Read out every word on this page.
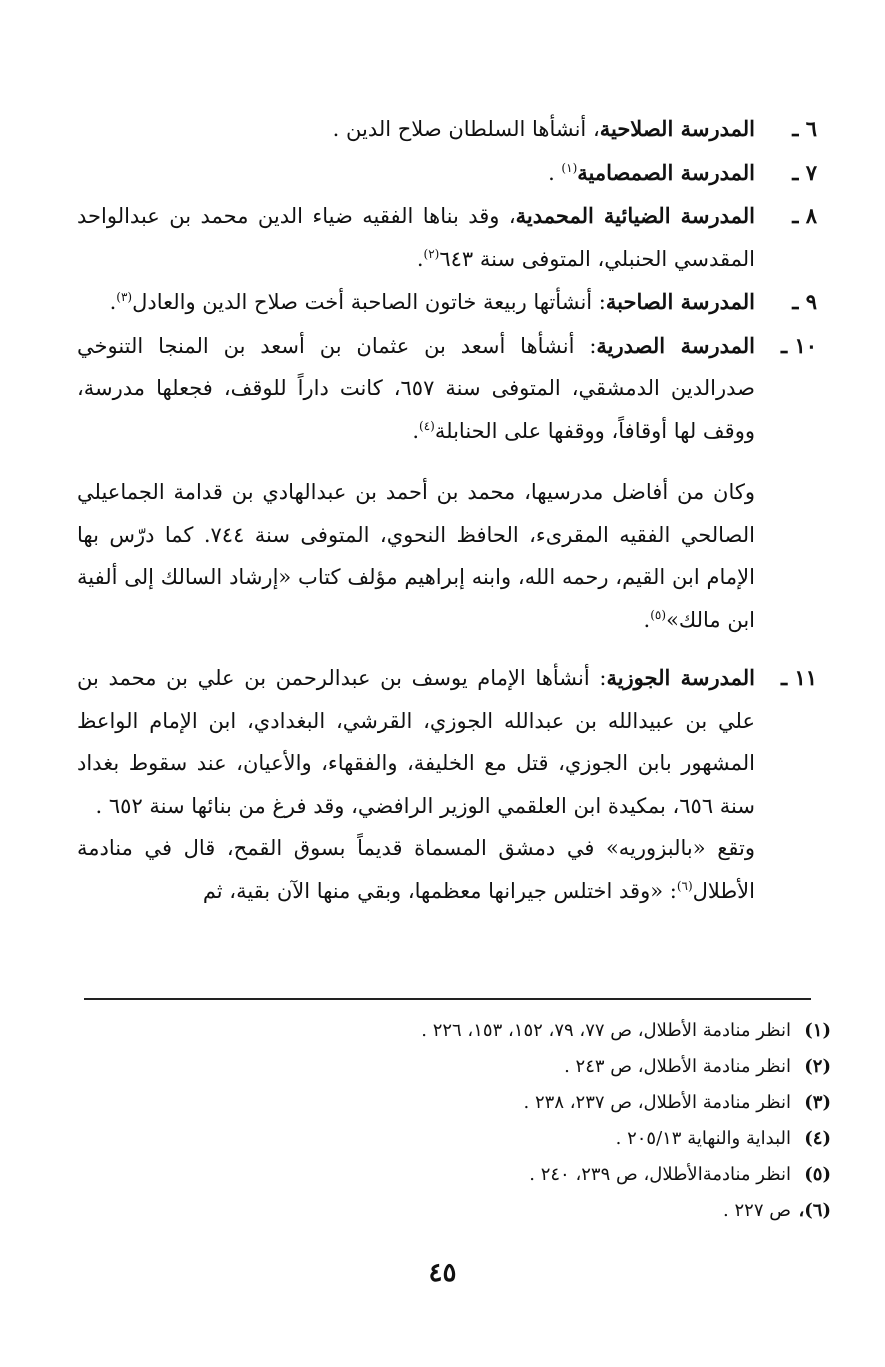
٦ ـ
المدرسة الصلاحية، أنشأها السلطان صلاح الدين .
٧ ـ
المدرسة الصمصامية$^{(١)}$ .
٨ ـ
المدرسة الضيائية المحمدية، وقد بناها الفقيه ضياء الدين محمد بن عبدالواحد المقدسي الحنبلي، المتوفى سنة ٦٤٣$^{(٢)}$.
٩ ـ
المدرسة الصاحبة: أنشأتها ربيعة خاتون الصاحبة أخت صلاح الدين والعادل$^{(٣)}$.
١٠ ـ
المدرسة الصدرية: أنشأها أسعد بن عثمان بن أسعد بن المنجا التنوخي صدرالدين الدمشقي، المتوفى سنة ٦٥٧، كانت داراً للوقف، فجعلها مدرسة، ووقف لها أوقافاً، ووقفها على الحنابلة$^{(٤)}$.
وكان من أفاضل مدرسيها، محمد بن أحمد بن عبدالهادي بن قدامة الجماعيلي الصالحي الفقيه المقرىء، الحافظ النحوي، المتوفى سنة ٧٤٤. كما درّس بها الإمام ابن القيم، رحمه الله، وابنه إبراهيم مؤلف كتاب «إرشاد السالك إلى ألفية ابن مالك»$^{(٥)}$.
١١ ـ
المدرسة الجوزية: أنشأها الإمام يوسف بن عبدالرحمن بن علي بن محمد بن علي بن عبيدالله بن عبدالله الجوزي، القرشي، البغدادي، ابن الإمام الواعظ المشهور بابن الجوزي، قتل مع الخليفة، والفقهاء، والأعيان، عند سقوط بغداد سنة ٦٥٦، بمكيدة ابن العلقمي الوزير الرافضي، وقد فرغ من بنائها سنة ٦٥٢ .
وتقع «بالبزوريه» في دمشق المسماة قديماً بسوق القمح، قال في منادمة الأطلال$^{(٦)}$: «وقد اختلس جيرانها معظمها، وبقي منها الآن بقية، ثم
(١)
انظر منادمة الأطلال، ص ٧٧، ٧٩، ١٥٢، ١٥٣، ٢٢٦ .
(٢)
انظر منادمة الأطلال، ص ٢٤٣ .
(٣)
انظر منادمة الأطلال، ص ٢٣٧، ٢٣٨ .
(٤)
البداية والنهاية ٢٠٥/١٣ .
(٥)
انظر منادمةالأطلال، ص ٢٣٩، ٢٤٠ .
(٦)،
ص ٢٢٧ .
٤٥
